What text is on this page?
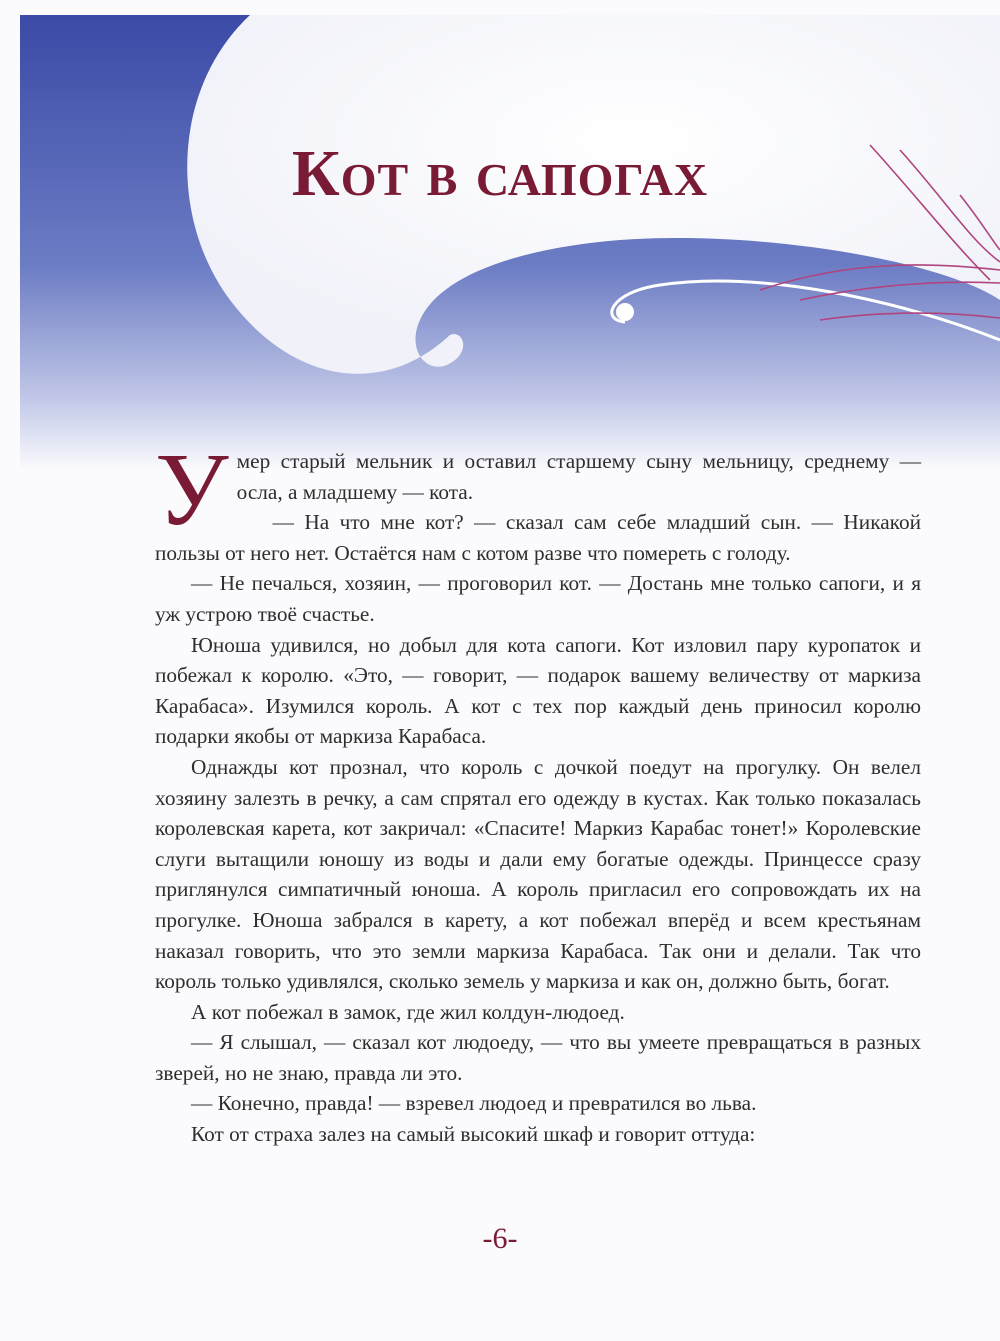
Кот в сапогах

Умер старый мельник и оставил старшему сыну мельницу, среднему — осла, а младшему — кота.

— На что мне кот? — сказал сам себе младший сын. — Никакой пользы от него нет. Остаётся нам с котом разве что помереть с голоду.

— Не печалься, хозяин, — проговорил кот. — Достань мне только сапоги, и я уж устрою твоё счастье.

Юноша удивился, но добыл для кота сапоги. Кот изловил пару куропаток и побежал к королю. «Это, — говорит, — подарок вашему величеству от маркиза Карабаса». Изумился король. А кот с тех пор каждый день приносил королю подарки якобы от маркиза Карабаса.

Однажды кот прознал, что король с дочкой поедут на прогулку. Он велел хозяину залезть в речку, а сам спрятал его одежду в кустах. Как только показалась королевская карета, кот закричал: «Спасите! Маркиз Карабас тонет!» Королевские слуги вытащили юношу из воды и дали ему богатые одежды. Принцессе сразу приглянулся симпатичный юноша. А король пригласил его сопровождать их на прогулке. Юноша забрался в карету, а кот побежал вперёд и всем крестьянам наказал говорить, что это земли маркиза Карабаса. Так они и делали. Так что король только удивлялся, сколько земель у маркиза и как он, должно быть, богат.

А кот побежал в замок, где жил колдун-людоед.

— Я слышал, — сказал кот людоеду, — что вы умеете превращаться в разных зверей, но не знаю, правда ли это.

— Конечно, правда! — взревел людоед и превратился во льва.

Кот от страха залез на самый высокий шкаф и говорит оттуда:

-6-
